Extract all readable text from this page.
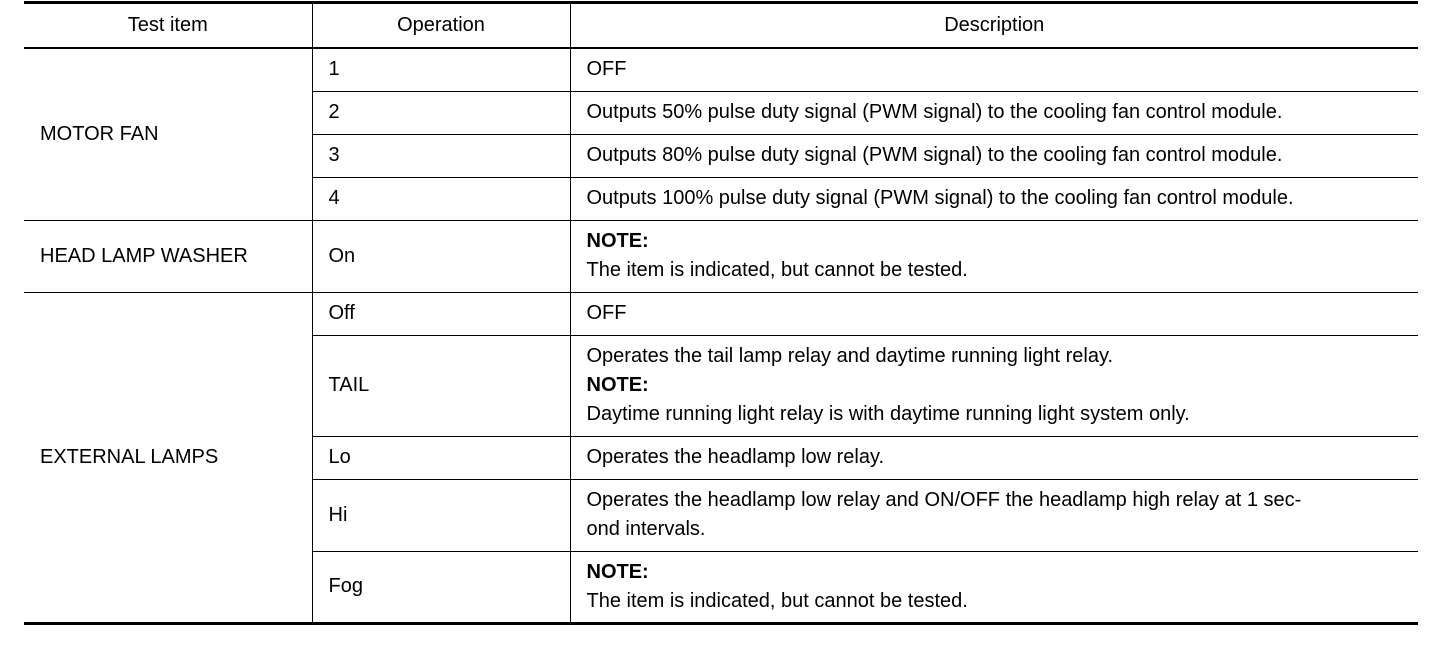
Test item	Operation	Description
MOTOR FAN	1	OFF
	2	Outputs 50% pulse duty signal (PWM signal) to the cooling fan control module.
	3	Outputs 80% pulse duty signal (PWM signal) to the cooling fan control module.
	4	Outputs 100% pulse duty signal (PWM signal) to the cooling fan control module.
HEAD LAMP WASHER	On	NOTE:
The item is indicated, but cannot be tested.

EXTERNAL LAMPS	Off	OFF
	TAIL	Operates the tail lamp relay and daytime running light relay.
NOTE:
Daytime running light relay is with daytime running light system only.

	Lo	Operates the headlamp low relay.
	Hi	Operates the headlamp low relay and ON/OFF the headlamp high relay at 1 sec-
ond intervals.

	Fog	NOTE:
The item is indicated, but cannot be tested.
